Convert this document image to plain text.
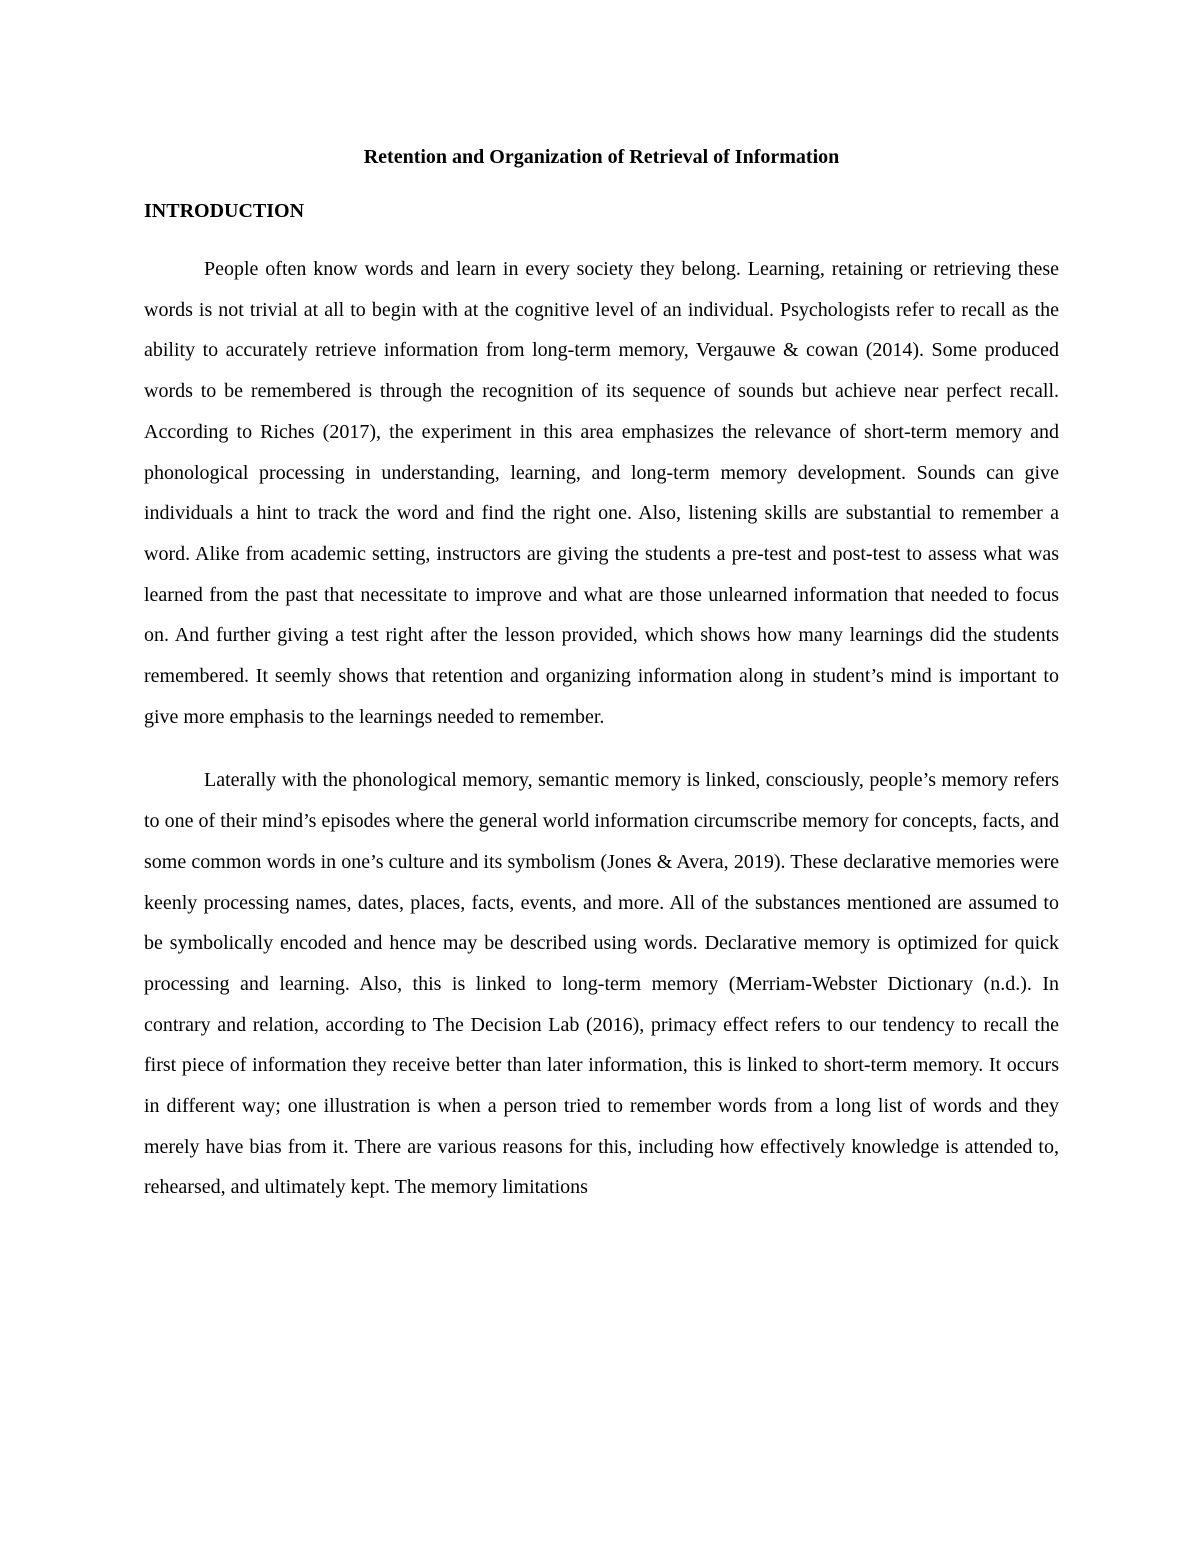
Retention and Organization of Retrieval of Information
INTRODUCTION

People often know words and learn in every society they belong. Learning, retaining or retrieving these words is not trivial at all to begin with at the cognitive level of an individual. Psychologists refer to recall as the ability to accurately retrieve information from long-term memory, Vergauwe & cowan (2014). Some produced words to be remembered is through the recognition of its sequence of sounds but achieve near perfect recall. According to Riches (2017), the experiment in this area emphasizes the relevance of short-term memory and phonological processing in understanding, learning, and long-term memory development. Sounds can give individuals a hint to track the word and find the right one. Also, listening skills are substantial to remember a word. Alike from academic setting, instructors are giving the students a pre-test and post-test to assess what was learned from the past that necessitate to improve and what are those unlearned information that needed to focus on. And further giving a test right after the lesson provided, which shows how many learnings did the students remembered. It seemly shows that retention and organizing information along in student’s mind is important to give more emphasis to the learnings needed to remember.

Laterally with the phonological memory, semantic memory is linked, consciously, people’s memory refers to one of their mind’s episodes where the general world information circumscribe memory for concepts, facts, and some common words in one’s culture and its symbolism (Jones & Avera, 2019). These declarative memories were keenly processing names, dates, places, facts, events, and more. All of the substances mentioned are assumed to be symbolically encoded and hence may be described using words. Declarative memory is optimized for quick processing and learning. Also, this is linked to long-term memory (Merriam-Webster Dictionary (n.d.). In contrary and relation, according to The Decision Lab (2016), primacy effect refers to our tendency to recall the first piece of information they receive better than later information, this is linked to short-term memory. It occurs in different way; one illustration is when a person tried to remember words from a long list of words and they merely have bias from it. There are various reasons for this, including how effectively knowledge is attended to, rehearsed, and ultimately kept. The memory limitations
